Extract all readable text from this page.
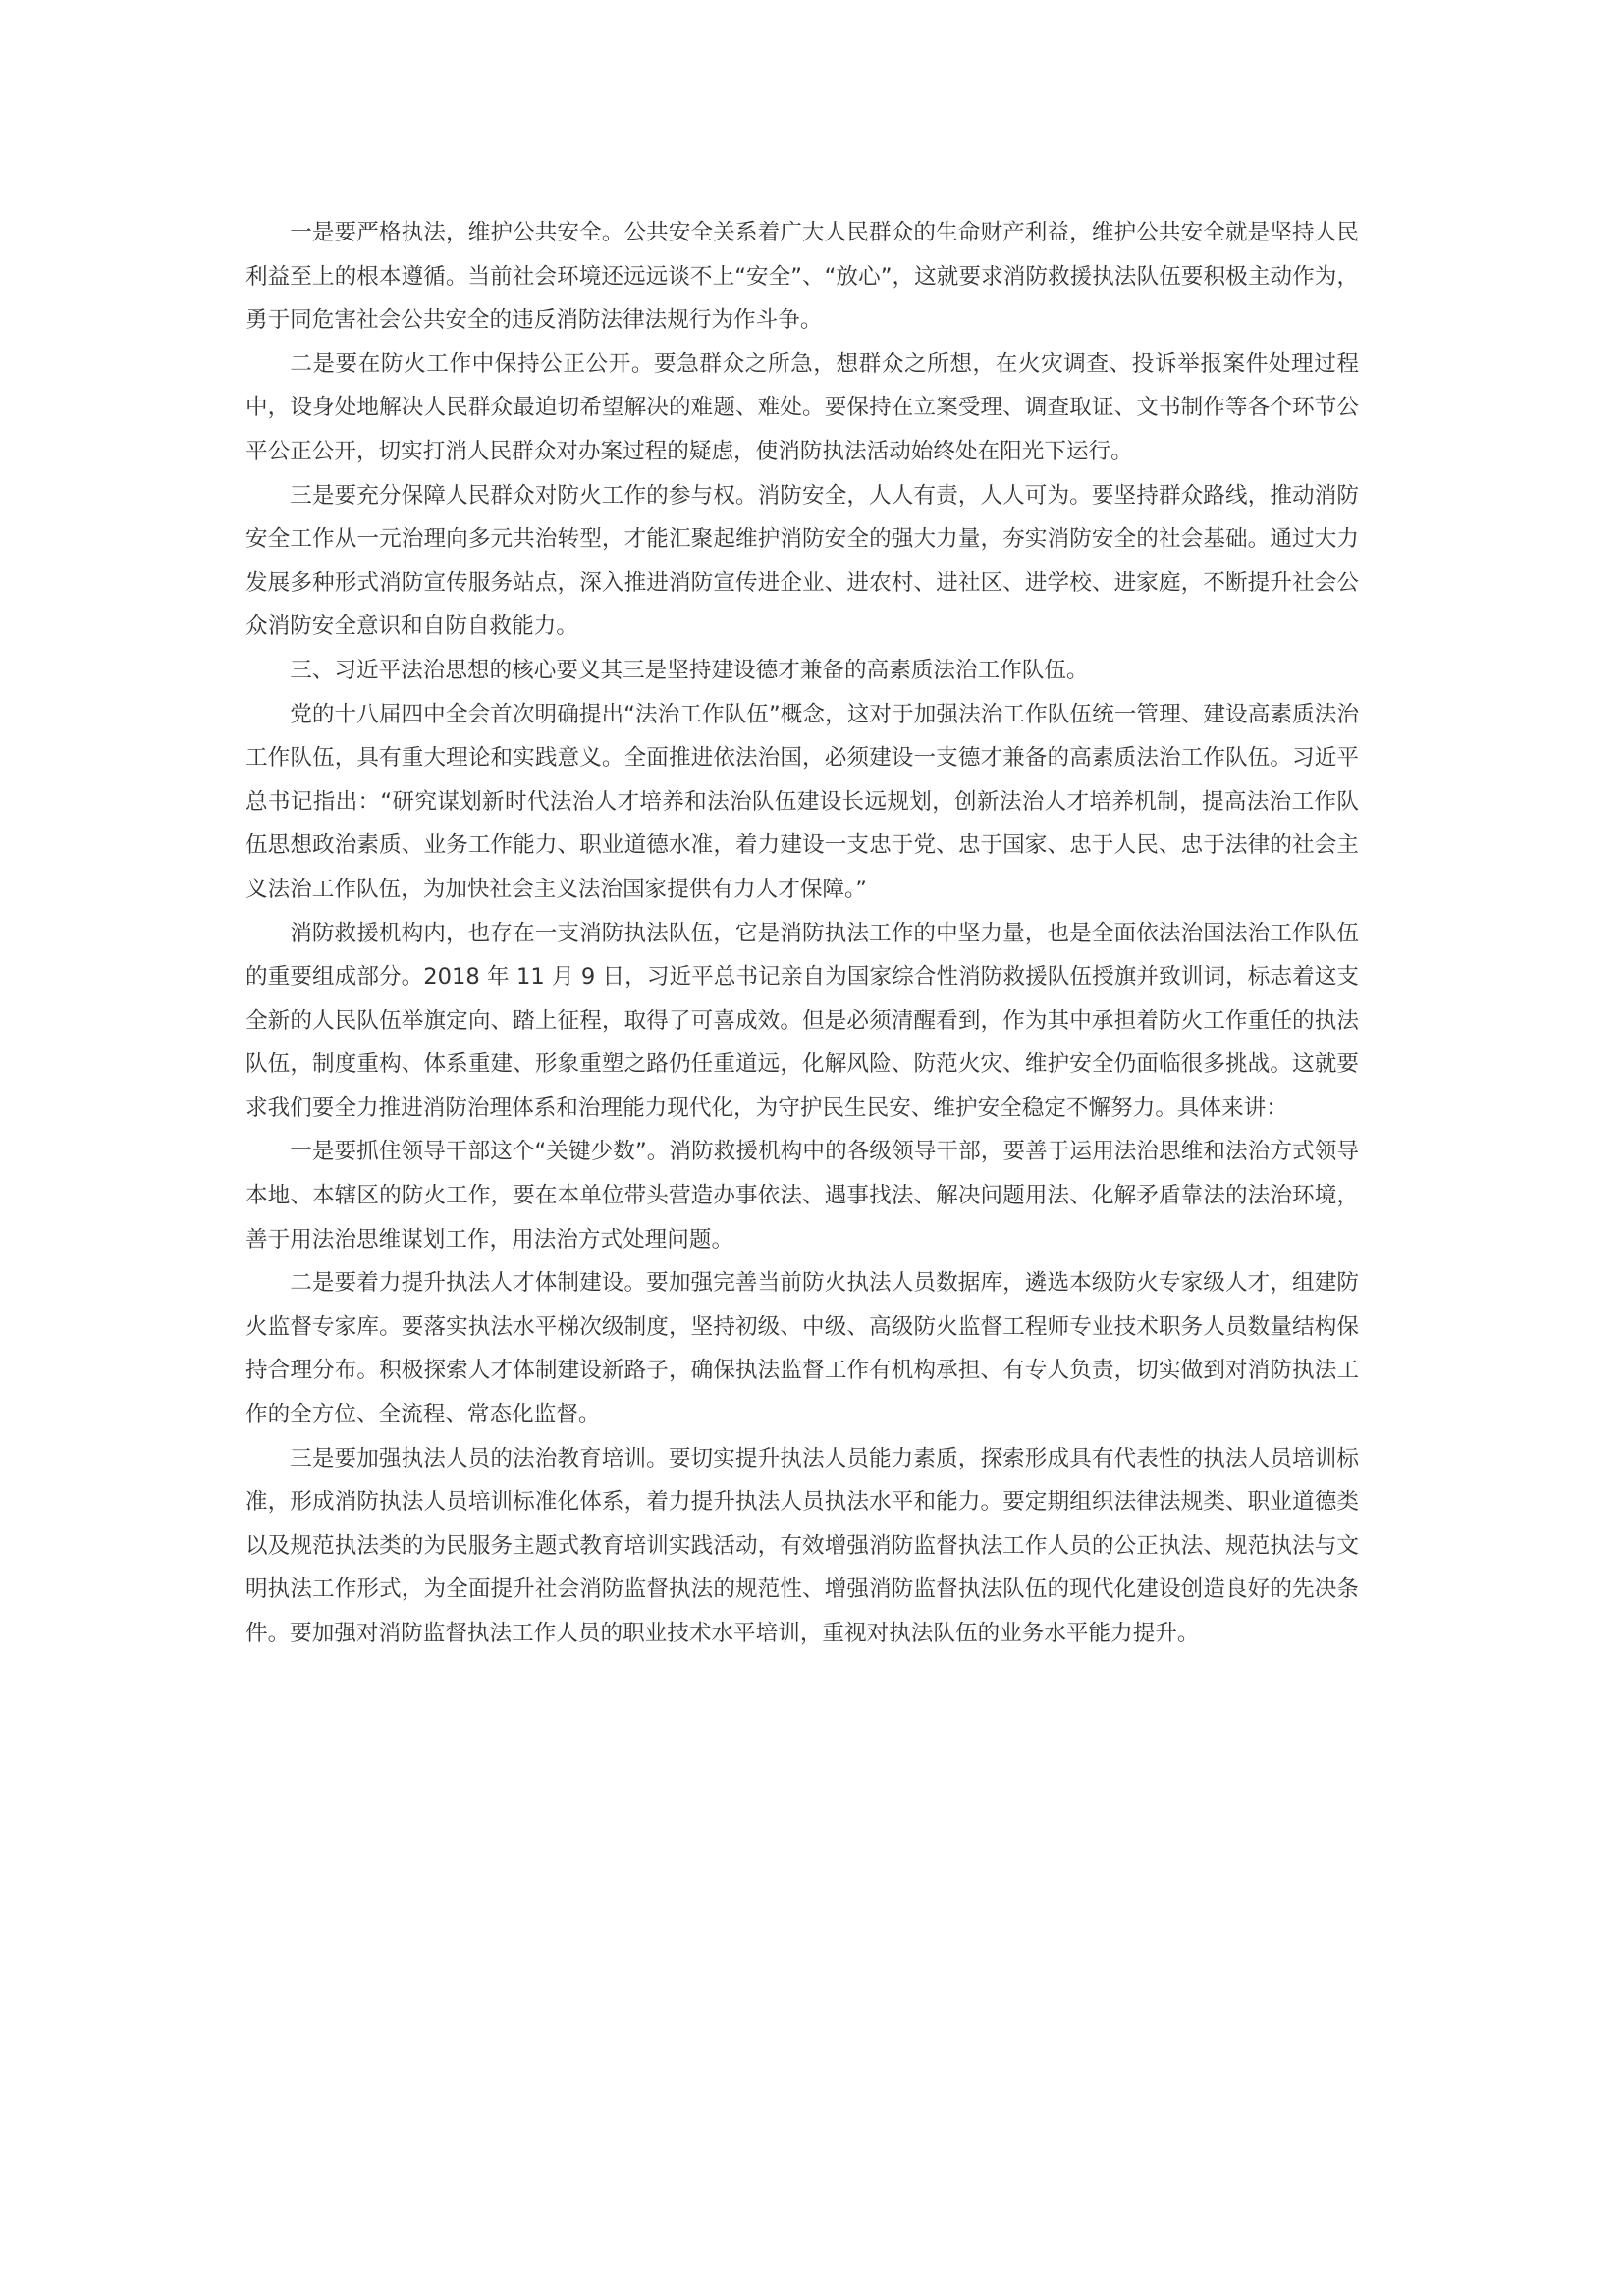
一是要严格执法，维护公共安全。公共安全关系着广大人民群众的生命财产利益，维护公共安全就是坚持人民利益至上的根本遵循。当前社会环境还远远谈不上“安全”、“放心”，这就要求消防救援执法队伍要积极主动作为，勇于同危害社会公共安全的违反消防法律法规行为作斗争。

二是要在防火工作中保持公正公开。要急群众之所急，想群众之所想，在火灾调查、投诉举报案件处理过程中，设身处地解决人民群众最迫切希望解决的难题、难处。要保持在立案受理、调查取证、文书制作等各个环节公平公正公开，切实打消人民群众对办案过程的疑虑，使消防执法活动始终处在阳光下运行。

三是要充分保障人民群众对防火工作的参与权。消防安全，人人有责，人人可为。要坚持群众路线，推动消防安全工作从一元治理向多元共治转型，才能汇聚起维护消防安全的强大力量，夯实消防安全的社会基础。通过大力发展多种形式消防宣传服务站点，深入推进消防宣传进企业、进农村、进社区、进学校、进家庭，不断提升社会公众消防安全意识和自防自救能力。

三、习近平法治思想的核心要义其三是坚持建设德才兼备的高素质法治工作队伍。

党的十八届四中全会首次明确提出“法治工作队伍”概念，这对于加强法治工作队伍统一管理、建设高素质法治工作队伍，具有重大理论和实践意义。全面推进依法治国，必须建设一支德才兼备的高素质法治工作队伍。习近平总书记指出：“研究谋划新时代法治人才培养和法治队伍建设长远规划，创新法治人才培养机制，提高法治工作队伍思想政治素质、业务工作能力、职业道德水准，着力建设一支忠于党、忠于国家、忠于人民、忠于法律的社会主义法治工作队伍，为加快社会主义法治国家提供有力人才保障。”

消防救援机构内，也存在一支消防执法队伍，它是消防执法工作的中坚力量，也是全面依法治国法治工作队伍的重要组成部分。2018 年 11 月 9 日，习近平总书记亲自为国家综合性消防救援队伍授旗并致训词，标志着这支全新的人民队伍举旗定向、踏上征程，取得了可喜成效。但是必须清醒看到，作为其中承担着防火工作重任的执法队伍，制度重构、体系重建、形象重塑之路仍任重道远，化解风险、防范火灾、维护安全仍面临很多挑战。这就要求我们要全力推进消防治理体系和治理能力现代化，为守护民生民安、维护安全稳定不懈努力。具体来讲：

一是要抓住领导干部这个“关键少数”。消防救援机构中的各级领导干部，要善于运用法治思维和法治方式领导本地、本辖区的防火工作，要在本单位带头营造办事依法、遇事找法、解决问题用法、化解矛盾靠法的法治环境，善于用法治思维谋划工作，用法治方式处理问题。

二是要着力提升执法人才体制建设。要加强完善当前防火执法人员数据库，遴选本级防火专家级人才，组建防火监督专家库。要落实执法水平梯次级制度，坚持初级、中级、高级防火监督工程师专业技术职务人员数量结构保持合理分布。积极探索人才体制建设新路子，确保执法监督工作有机构承担、有专人负责，切实做到对消防执法工作的全方位、全流程、常态化监督。

三是要加强执法人员的法治教育培训。要切实提升执法人员能力素质，探索形成具有代表性的执法人员培训标准，形成消防执法人员培训标准化体系，着力提升执法人员执法水平和能力。要定期组织法律法规类、职业道德类以及规范执法类的为民服务主题式教育培训实践活动，有效增强消防监督执法工作人员的公正执法、规范执法与文明执法工作形式，为全面提升社会消防监督执法的规范性、增强消防监督执法队伍的现代化建设创造良好的先决条件。要加强对消防监督执法工作人员的职业技术水平培训，重视对执法队伍的业务水平能力提升。
